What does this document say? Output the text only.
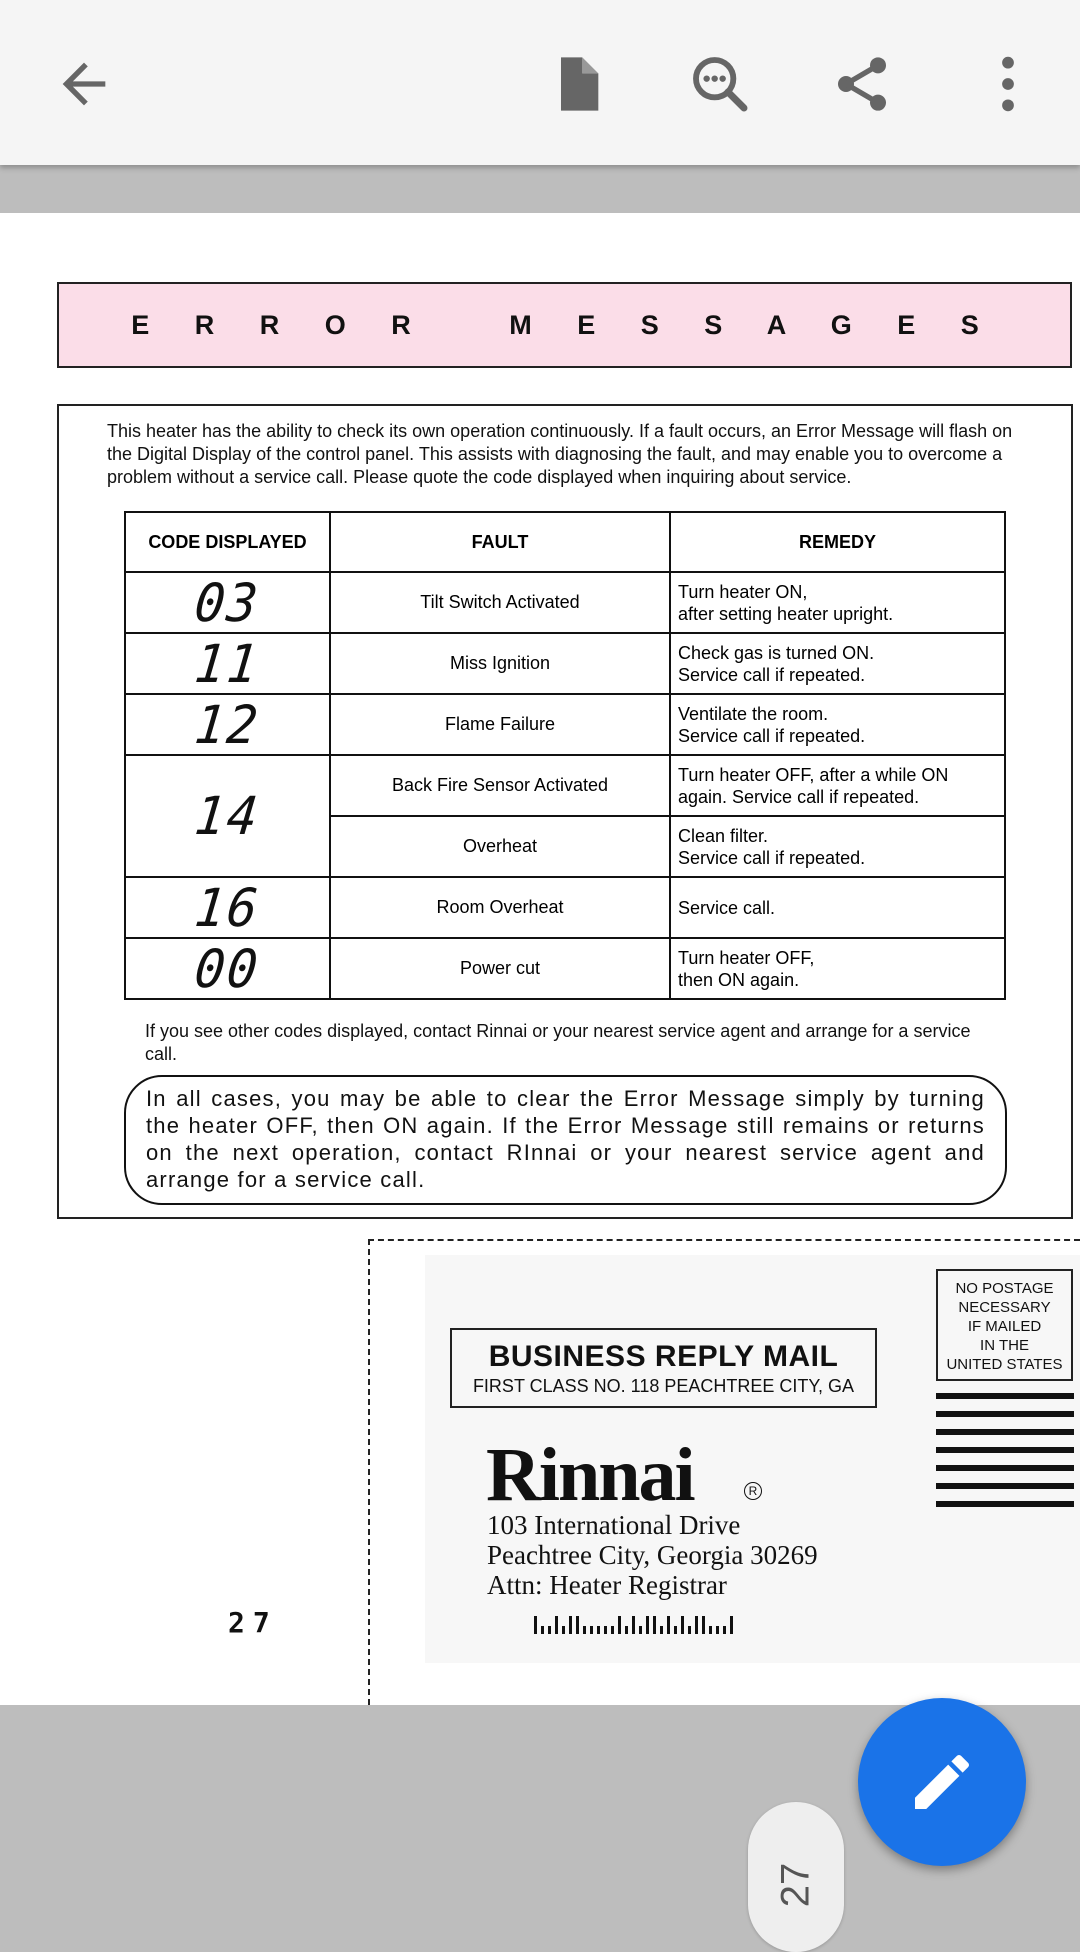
E R R O R   M E S S A G E S
This heater has the ability to check its own operation continuously. If a fault occurs, an Error Message will flash on the Digital Display of the control panel. This assists with diagnosing the fault, and may enable you to overcome a problem without a service call. Please quote the code displayed when inquiring about service.
CODE DISPLAYED	FAULT	REMEDY
03	Tilt Switch Activated	Turn heater ON,
after setting heater upright.

11	Miss Ignition	Check gas is turned ON.
Service call if repeated.

12	Flame Failure	Ventilate the room.
Service call if repeated.

14	Back Fire Sensor Activated	Turn heater OFF, after a while ON
again. Service call if repeated.

	Overheat	Clean filter.
Service call if repeated.

16	Room Overheat	Service call.

00	Power cut	Turn heater OFF,
then ON again.
If you see other codes displayed, contact Rinnai or your nearest service agent and arrange for a service call.
In all cases, you may be able to clear the Error Message simply by turning the heater OFF, then ON again. If the Error Message still remains or returns on the next operation, contact RInnai or your nearest service agent and arrange for a service call.
27
BUSINESS REPLY MAIL
FIRST CLASS NO. 118 PEACHTREE CITY, GA
NO POSTAGE
NECESSARY
IF MAILED
IN THE
UNITED STATES
Rinnai	R
103 International Drive
Peachtree City, Georgia 30269
Attn: Heater Registrar
27
